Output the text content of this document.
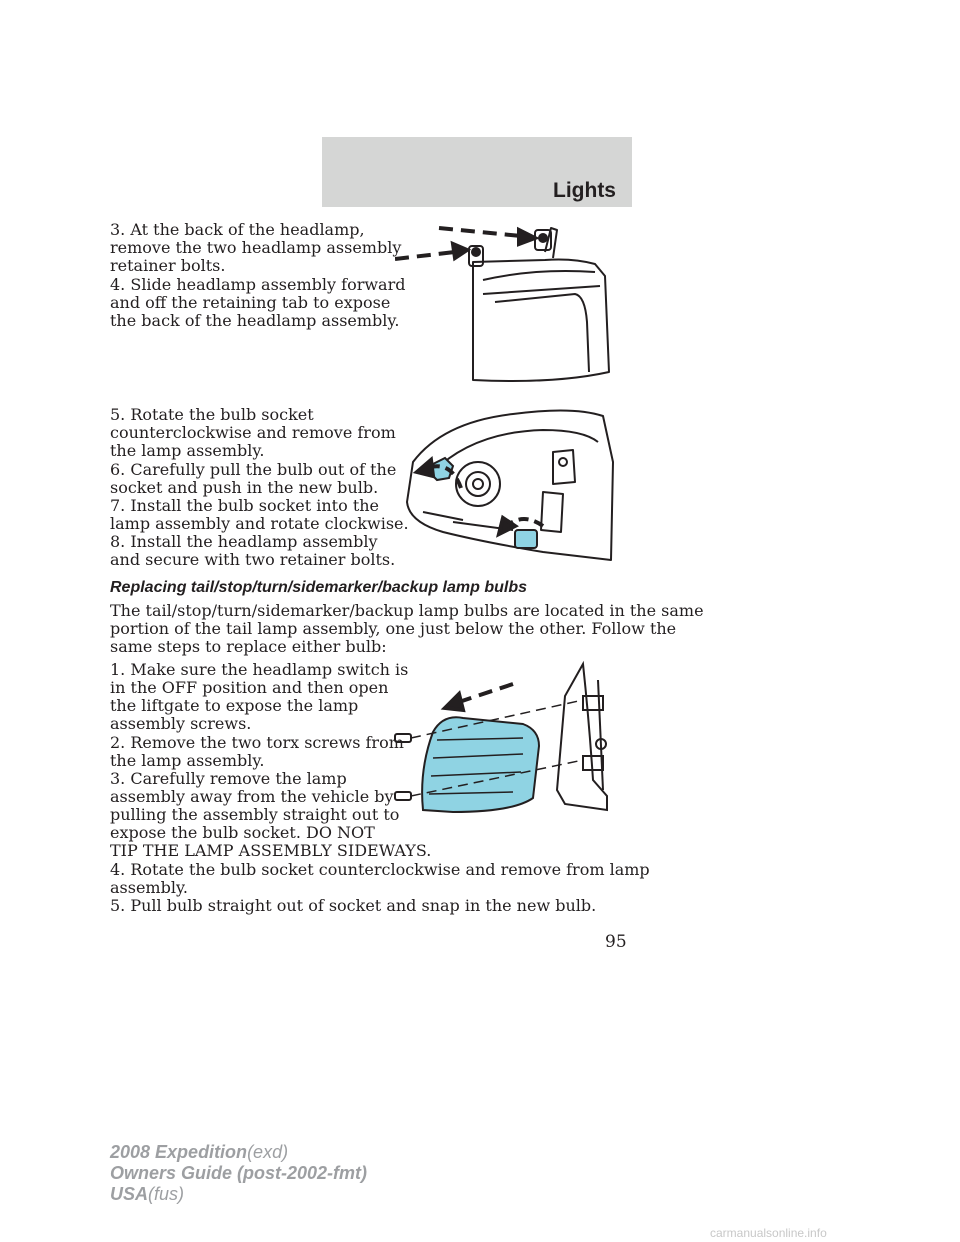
Lights

3. At the back of the headlamp,
remove the two headlamp assembly
retainer bolts.

4. Slide headlamp assembly forward
and off the retaining tab to expose
the back of the headlamp assembly.

5. Rotate the bulb socket
counterclockwise and remove from
the lamp assembly.

6. Carefully pull the bulb out of the
socket and push in the new bulb.

7. Install the bulb socket into the
lamp assembly and rotate clockwise.

8. Install the headlamp assembly
and secure with two retainer bolts.

Replacing tail/stop/turn/sidemarker/backup lamp bulbs

The tail/stop/turn/sidemarker/backup lamp bulbs are located in the same
portion of the tail lamp assembly, one just below the other. Follow the
same steps to replace either bulb:

1. Make sure the headlamp switch is
in the OFF position and then open
the liftgate to expose the lamp
assembly screws.

2. Remove the two torx screws from
the lamp assembly.

3. Carefully remove the lamp
assembly away from the vehicle by
pulling the assembly straight out to
expose the bulb socket. DO NOT
TIP THE LAMP ASSEMBLY SIDEWAYS.

4. Rotate the bulb socket counterclockwise and remove from lamp
assembly.

5. Pull bulb straight out of socket and snap in the new bulb.

95
2008 Expedition(exd)
Owners Guide (post-2002-fmt)
USA(fus)
carmanualsonline.info
